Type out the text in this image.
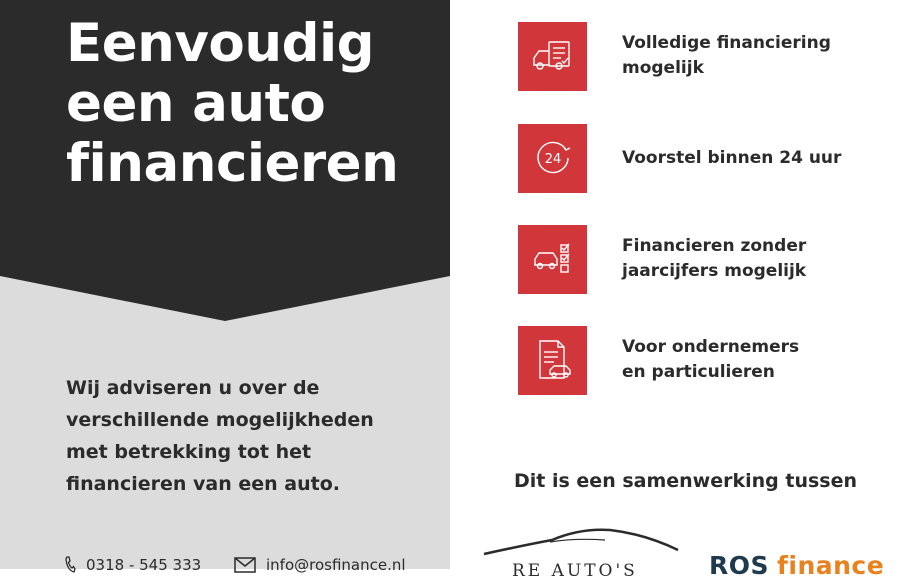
Eenvoudig
een auto
financieren

Wij adviseren u over de verschillende mogelijkheden met betrekking tot het financieren van een auto.

0318 - 545 333	info@rosfinance.nl
Volledige financiering
mogelijk
24	Voorstel binnen 24 uur
Financieren zonder
jaarcijfers mogelijk
Voor ondernemers
en particulieren
Dit is een samenwerking tussen
RE AUTO'S	ROS finance
